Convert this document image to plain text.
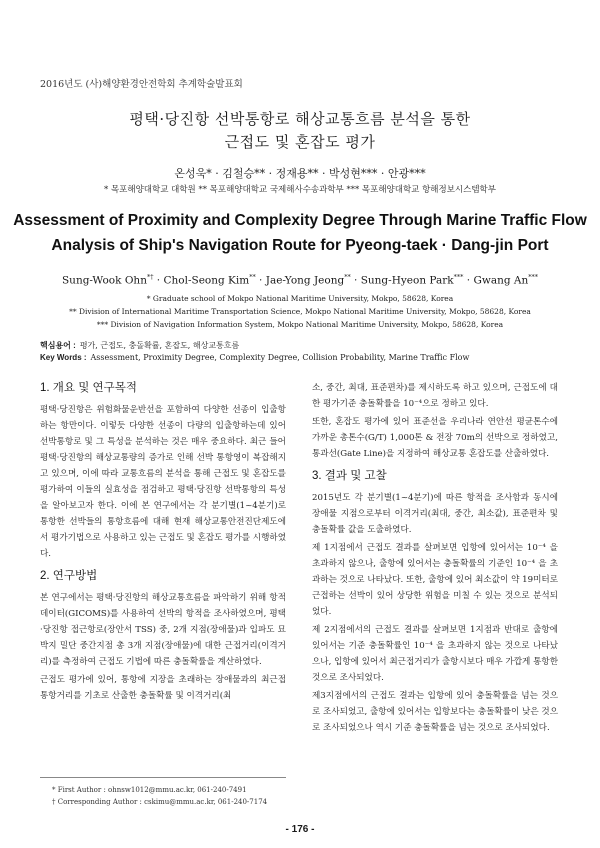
2016년도 (사)해양환경안전학회 추계학술발표회
평택·당진항 선박통항로 해상교통흐름 분석을 통한
근접도 및 혼잡도 평가
온성욱* · 김철승** · 정재용** · 박성현*** · 안광***
* 목포해양대학교 대학원 ** 목포해양대학교 국제해사수송과학부 *** 목포해양대학교 항해정보시스템학부
Assessment of Proximity and Complexity Degree Through Marine Traffic Flow
Analysis of Ship's Navigation Route for Pyeong-taek · Dang-jin Port
Sung-Wook Ohn*† · Chol-Seong Kim** · Jae-Yong Jeong** · Sung-Hyeon Park*** · Gwang An***
* Graduate school of Mokpo National Maritime University, Mokpo, 58628, Korea
** Division of International Maritime Transportation Science, Mokpo National Maritime University, Mokpo, 58628, Korea
*** Division of Navigation Information System, Mokpo National Maritime University, Mokpo, 58628, Korea
핵심용어 : 평가, 근접도, 충돌확률, 혼잡도, 해상교통흐름
Key Words : Assessment, Proximity Degree, Complexity Degree, Collision Probability, Marine Traffic Flow
1. 개요 및 연구목적

평택·당진항은 위험화물운반선을 포함하여 다양한 선종이 입출항하는 항만이다. 이렇듯 다양한 선종이 다량의 입출항하는데 있어 선박통항로 및 그 특성을 분석하는 것은 매우 중요하다. 최근 들어 평택·당진항의 해상교통량의 증가로 인해 선박 통항영이 복잡해지고 있으며, 이에 따라 교통흐름의 분석을 통해 근접도 및 혼잡도를 평가하여 이들의 실효성을 점검하고 평택·당진항 선박통항의 특성을 알아보고자 한다. 이에 본 연구에서는 각 분기별(1~4분기)로 통항한 선박들의 통항흐름에 대해 현재 해상교통안전진단제도에서 평가기법으로 사용하고 있는 근접도 및 혼잡도 평가를 시행하였다.

2. 연구방법

본 연구에서는 평택·당진항의 해상교통흐름을 파악하기 위해 항적데이터(GICOMS)를 사용하여 선박의 항적을 조사하였으며, 평택·당진항 접근항로(장안서 TSS) 중, 2개 지점(장애물)과 입파도 묘박지 밀단 중간지점 총 3개 지점(장애물)에 대한 근접거리(이격거리)를 측정하여 근접도 기법에 따른 충돌확률을 계산하였다.

근접도 평가에 있어, 통항에 지장을 초래하는 장애물과의 최근접 통항거리를 기초로 산출한 충돌확률 및 이격거리(최

소, 중간, 최대, 표준편차)를 제시하도록 하고 있으며, 근접도에 대한 평가기준 충돌확률을 10⁻⁴으로 정하고 있다.

또한, 혼잡도 평가에 있어 표준선을 우리나라 연안선 평균톤수에 가까운 총톤수(G/T) 1,000톤 & 전장 70m의 선박으로 정하였고, 통과선(Gate Line)을 지정하여 해상교통 혼잡도를 산출하였다.

3. 결과 및 고찰

2015년도 각 분기별(1~4분기)에 따른 항적을 조사함과 동시에 장애물 지점으로부터 이격거리(최대, 중간, 최소값), 표준편차 및 충돌확률 값을 도출하였다.

제 1지점에서 근접도 결과를 살펴보면 입항에 있어서는 10⁻⁴ 을 초과하지 않으나, 출항에 있어서는 충돌확률의 기준인 10⁻⁴ 을 초과하는 것으로 나타났다. 또한, 출항에 있어 최소값이 약 19미터로 근접하는 선박이 있어 상당한 위험을 미칠 수 있는 것으로 분석되었다.

제 2지점에서의 근접도 결과를 살펴보면 1지점과 반대로 출항에 있어서는 기준 충돌확률인 10⁻⁴ 을 초과하지 않는 것으로 나타났으나, 입항에 있어서 최근접거리가 출항시보다 매우 가깝게 통항한 것으로 조사되었다.

제3지점에서의 근접도 결과는 입항에 있어 충돌확률을 넘는 것으로 조사되었고, 출항에 있어서는 입항보다는 충돌확률이 낮은 것으로 조사되었으나 역시 기준 충돌확률을 넘는 것으로 조사되었다.

* First Author : ohnsw1012@mmu.ac.kr, 061-240-7491
† Corresponding Author : cskimu@mmu.ac.kr, 061-240-7174
- 176 -
